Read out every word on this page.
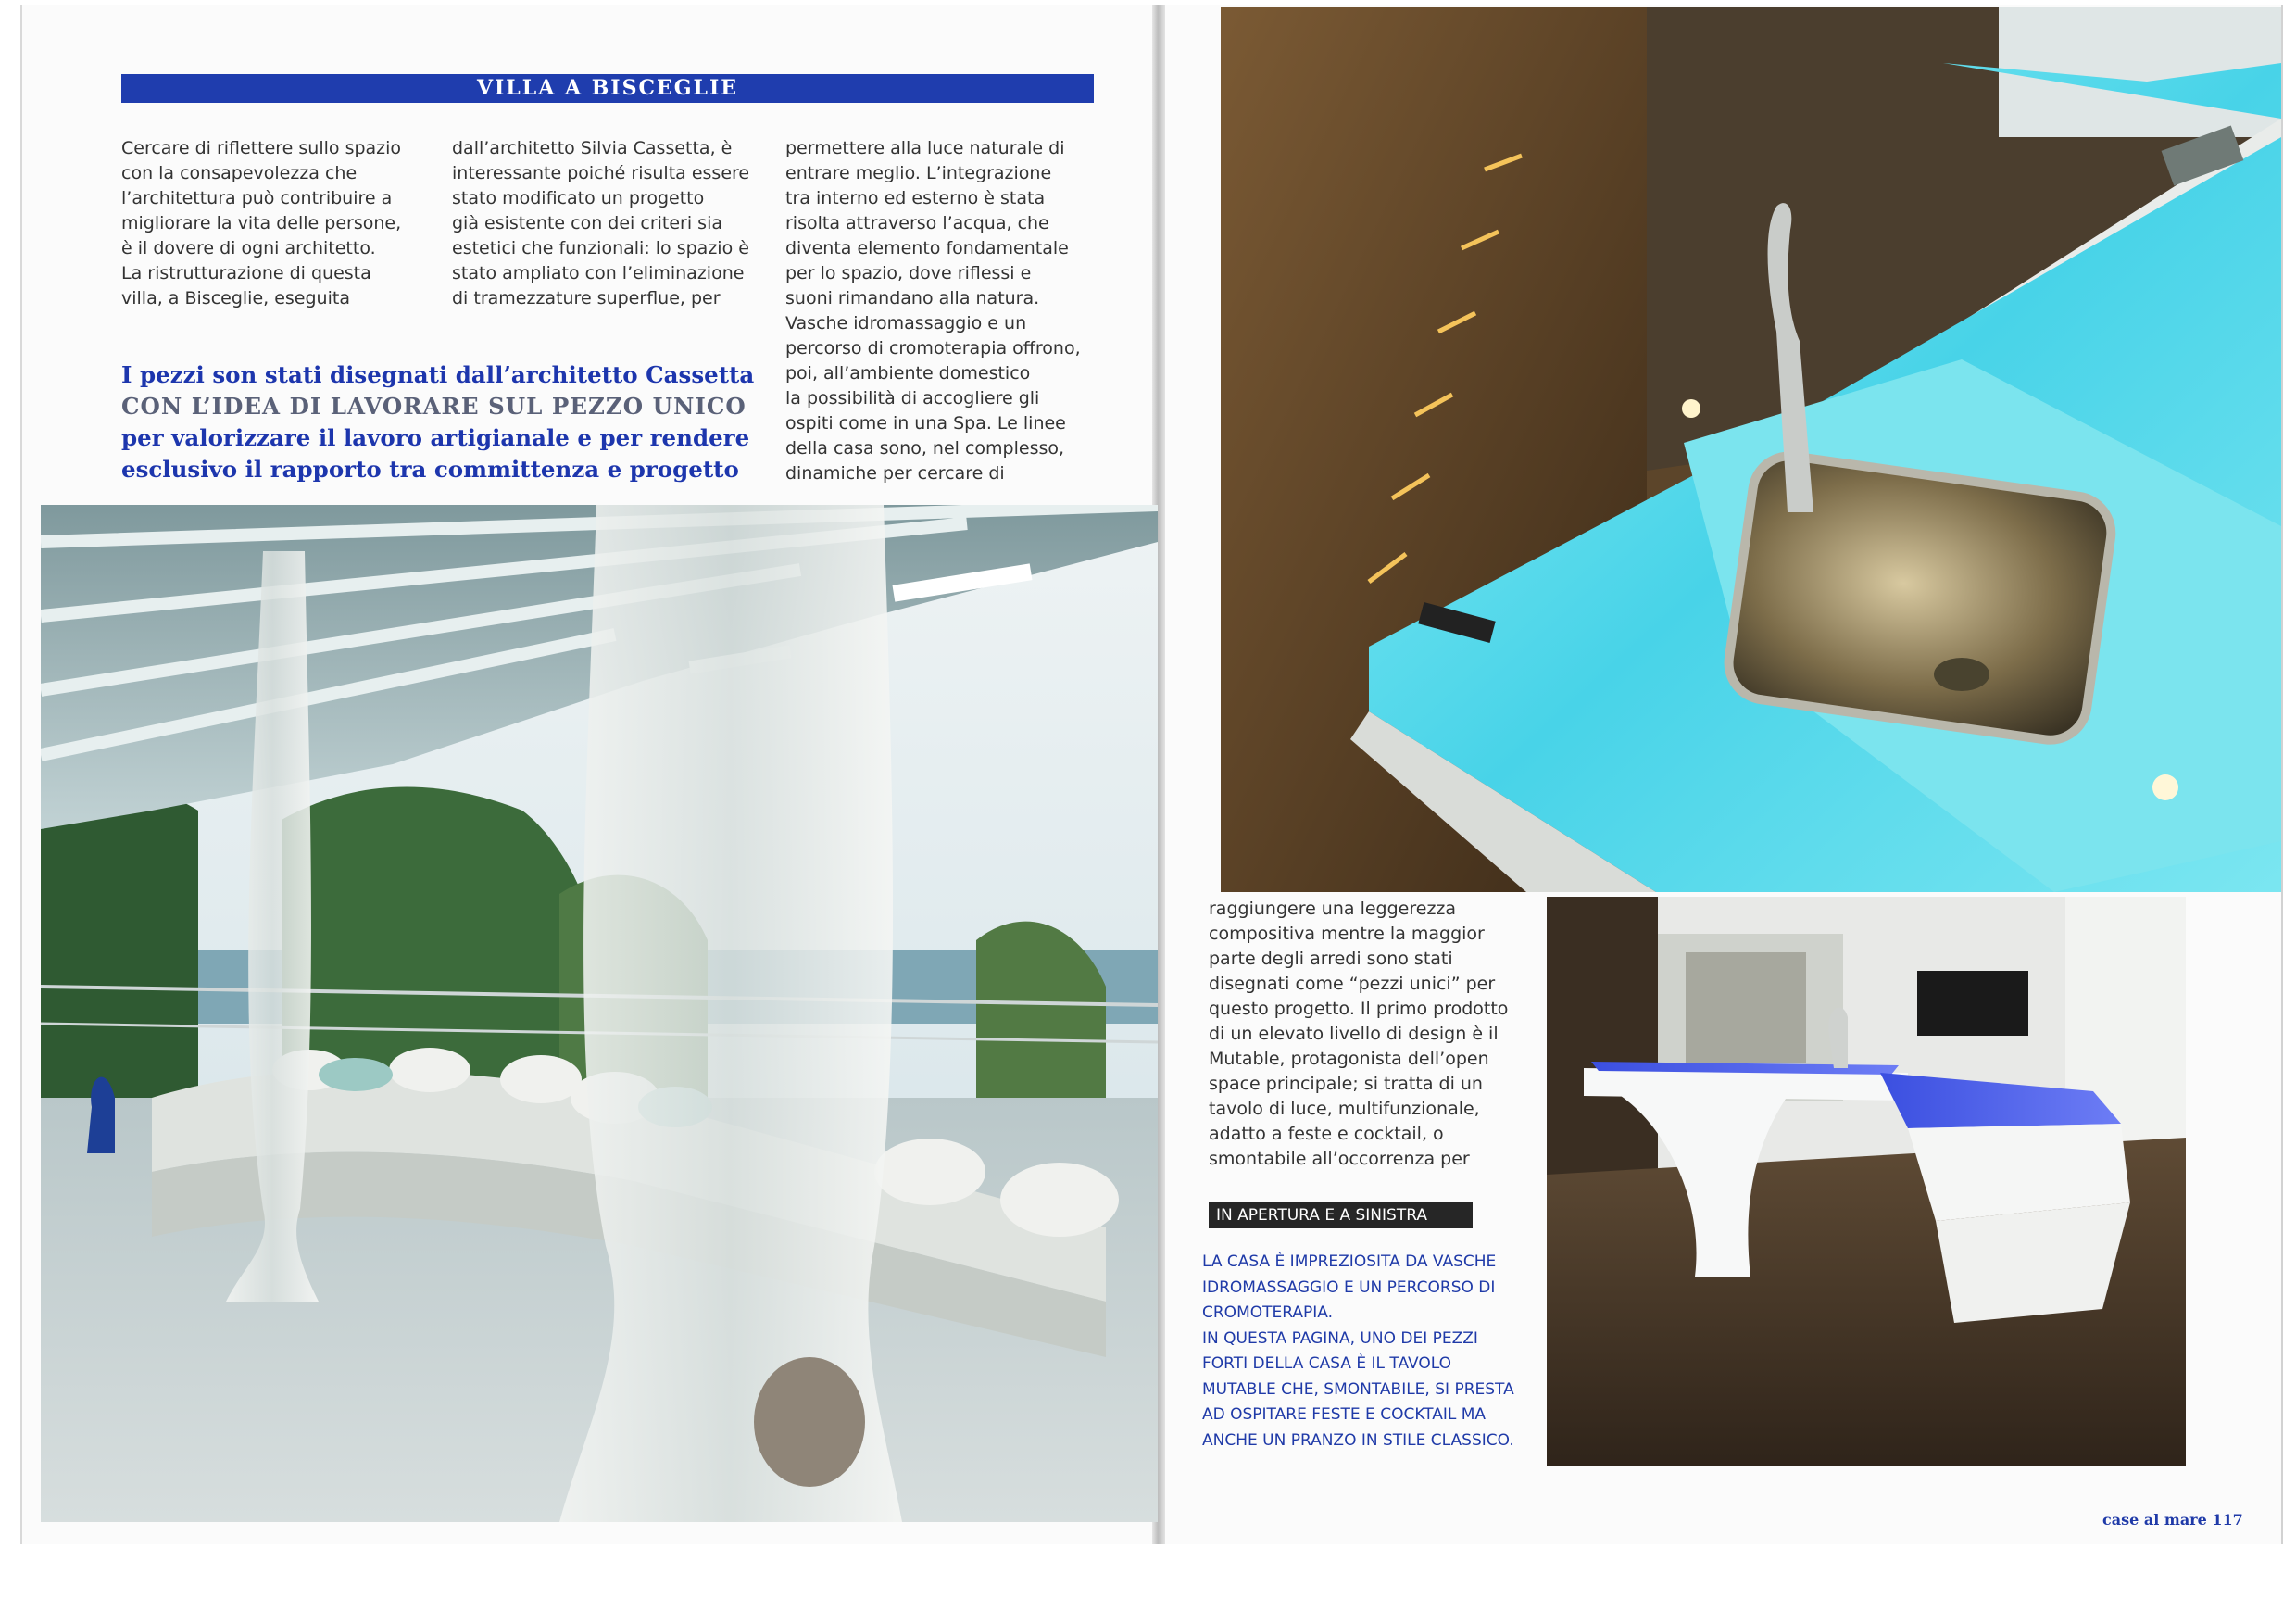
VILLA A BISCEGLIE
Cercare di riflettere sullo spazio
con la consapevolezza che
l’architettura può contribuire a
migliorare la vita delle persone,
è il dovere di ogni architetto.
La ristrutturazione di questa
villa, a Bisceglie, eseguita
dall’architetto Silvia Cassetta, è
interessante poiché risulta essere
stato modificato un progetto
già esistente con dei criteri sia
estetici che funzionali: lo spazio è
stato ampliato con l’eliminazione
di tramezzature superflue, per
permettere alla luce naturale di
entrare meglio. L’integrazione
tra interno ed esterno è stata
risolta attraverso l’acqua, che
diventa elemento fondamentale
per lo spazio, dove riflessi e
suoni rimandano alla natura.
Vasche idromassaggio e un
percorso di cromoterapia offrono,
poi, all’ambiente domestico
la possibilità di accogliere gli
ospiti come in una Spa. Le linee
della casa sono, nel complesso,
dinamiche per cercare di
I pezzi son stati disegnati dall’architetto Cassetta
CON L’IDEA DI LAVORARE SUL PEZZO UNICO
per valorizzare il lavoro artigianale e per rendere
esclusivo il rapporto tra committenza e progetto
raggiungere una leggerezza
compositiva mentre la maggior
parte degli arredi sono stati
disegnati come “pezzi unici” per
questo progetto. Il primo prodotto
di un elevato livello di design è il
Mutable, protagonista dell’open
space principale; si tratta di un
tavolo di luce, multifunzionale,
adatto a feste e cocktail, o
smontabile all’occorrenza per
IN APERTURA E A SINISTRA
LA CASA È IMPREZIOSITA DA VASCHE
IDROMASSAGGIO E UN PERCORSO DI
CROMOTERAPIA.
IN QUESTA PAGINA, UNO DEI PEZZI
FORTI DELLA CASA È IL TAVOLO
MUTABLE CHE, SMONTABILE, SI PRESTA
AD OSPITARE FESTE E COCKTAIL MA
ANCHE UN PRANZO IN STILE CLASSICO.
case al mare 117
